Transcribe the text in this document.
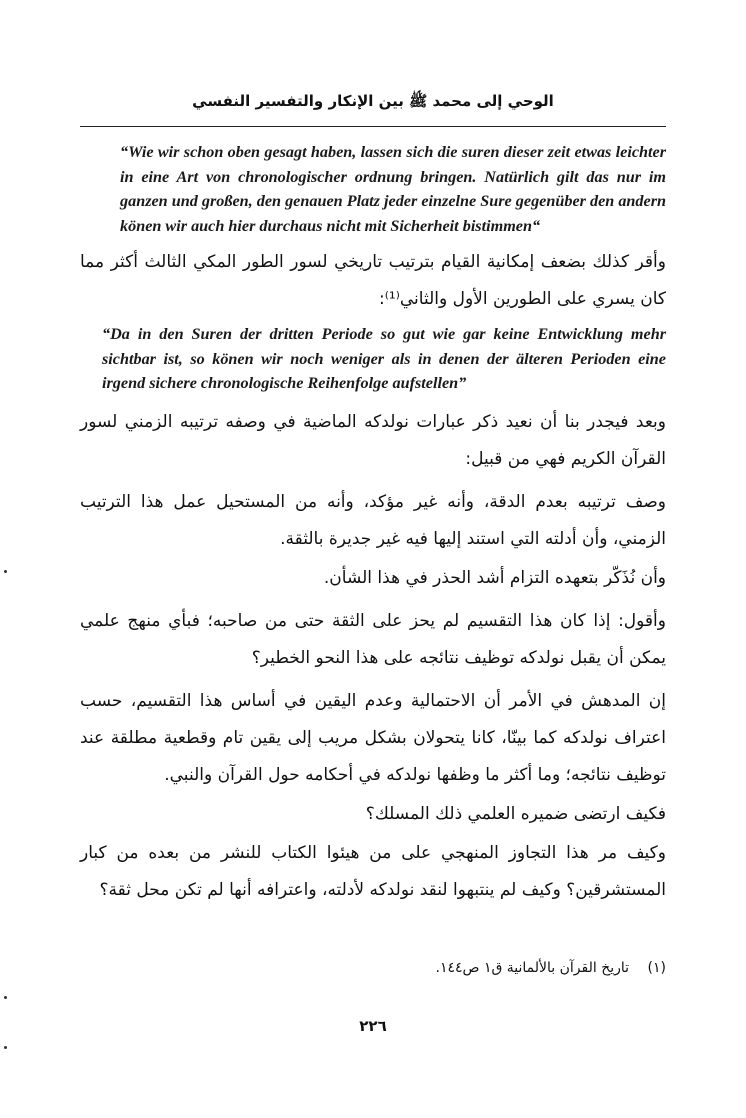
الوحي إلى محمد ﷺ بين الإنكار والتفسير النفسي

“Wie wir schon oben gesagt haben, lassen sich die suren dieser zeit etwas leichter in eine Art von chronologischer ordnung bringen. Natürlich gilt das nur im ganzen und großen, den genauen Platz jeder einzelne Sure gegenüber den andern könen wir auch hier durchaus nicht mit Sicherheit bistimmen“

وأقر كذلك بضعف إمكانية القيام بترتيب تاريخي لسور الطور المكي الثالث أكثر مما كان يسري على الطورين الأول والثاني⁽¹⁾:

“Da in den Suren der dritten Periode so gut wie gar keine Entwicklung mehr sichtbar ist, so könen wir noch weniger als in denen der älteren Perioden eine irgend sichere chronologische Reihenfolge aufstellen”

وبعد فيجدر بنا أن نعيد ذكر عبارات نولدكه الماضية في وصفه ترتيبه الزمني لسور القرآن الكريم فهي من قبيل:

وصف ترتيبه بعدم الدقة، وأنه غير مؤكد، وأنه من المستحيل عمل هذا الترتيب الزمني، وأن أدلته التي استند إليها فيه غير جديرة بالثقة.

وأن نُذَكّر بتعهده التزام أشد الحذر في هذا الشأن.

وأقول: إذا كان هذا التقسيم لم يحز على الثقة حتى من صاحبه؛ فبأي منهج علمي يمكن أن يقبل نولدكه توظيف نتائجه على هذا النحو الخطير؟

إن المدهش في الأمر أن الاحتمالية وعدم اليقين في أساس هذا التقسيم، حسب اعتراف نولدكه كما بينّا، كانا يتحولان بشكل مريب إلى يقين تام وقطعية مطلقة عند توظيف نتائجه؛ وما أكثر ما وظفها نولدكه في أحكامه حول القرآن والنبي.

فكيف ارتضى ضميره العلمي ذلك المسلك؟

وكيف مر هذا التجاوز المنهجي على من هيئوا الكتاب للنشر من بعده من كبار المستشرقين؟ وكيف لم ينتبهوا لنقد نولدكه لأدلته، واعترافه أنها لم تكن محل ثقة؟

(١) تاريخ القرآن بالألمانية ق١ ص١٤٤.
٢٢٦
